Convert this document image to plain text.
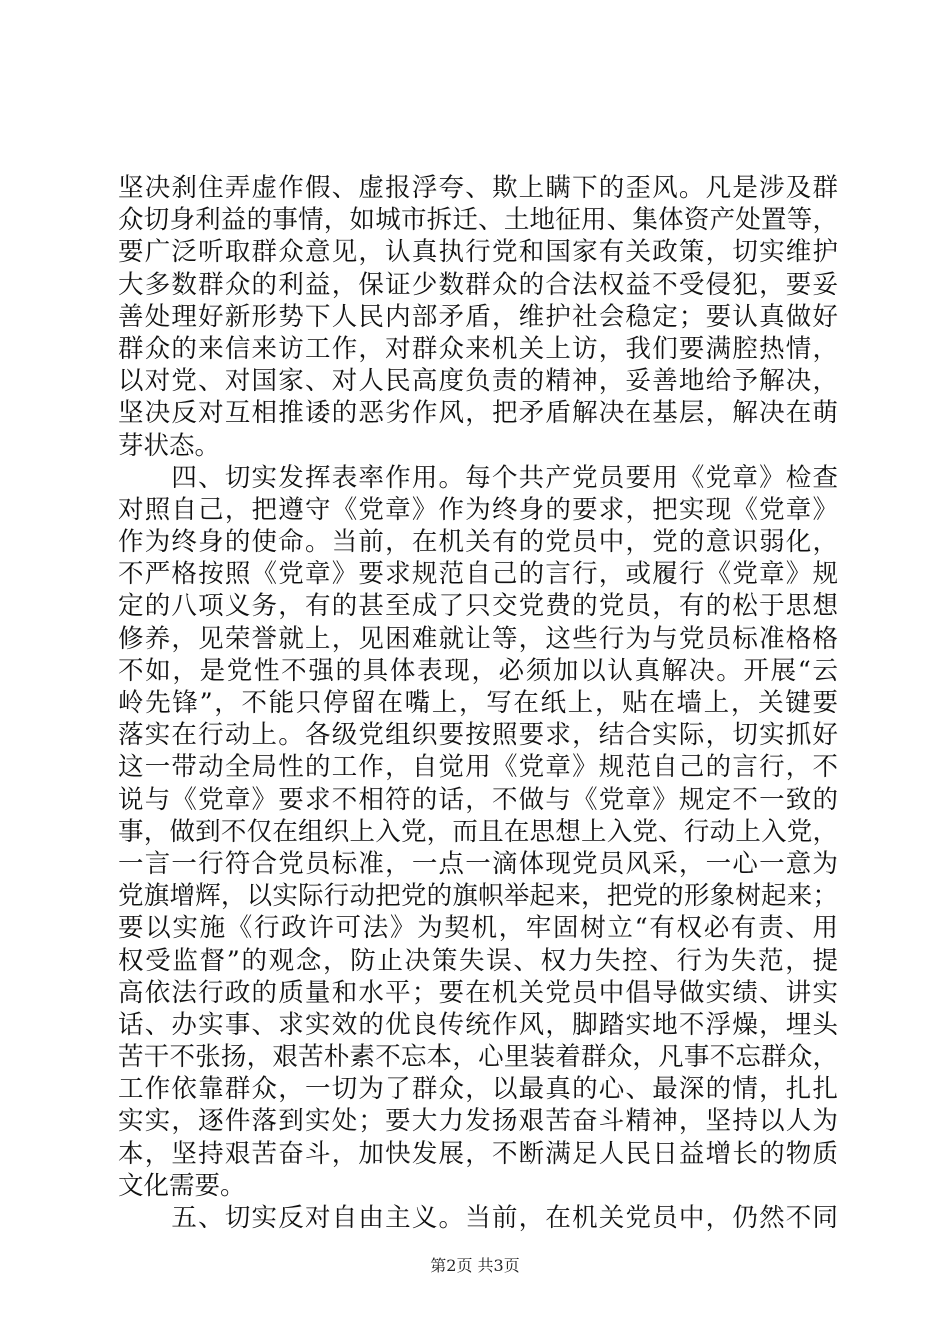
坚决刹住弄虚作假、虚报浮夸、欺上瞒下的歪风。凡是涉及群
众切身利益的事情，如城市拆迁、土地征用、集体资产处置等，
要广泛听取群众意见，认真执行党和国家有关政策，切实维护
大多数群众的利益，保证少数群众的合法权益不受侵犯，要妥
善处理好新形势下人民内部矛盾，维护社会稳定；要认真做好
群众的来信来访工作，对群众来机关上访，我们要满腔热情，
以对党、对国家、对人民高度负责的精神，妥善地给予解决，
坚决反对互相推诿的恶劣作风，把矛盾解决在基层，解决在萌
芽状态。
　　四、切实发挥表率作用。每个共产党员要用《党章》检查
对照自己，把遵守《党章》作为终身的要求，把实现《党章》
作为终身的使命。当前，在机关有的党员中，党的意识弱化，
不严格按照《党章》要求规范自己的言行，或履行《党章》规
定的八项义务，有的甚至成了只交党费的党员，有的松于思想
修养，见荣誉就上，见困难就让等，这些行为与党员标准格格
不如，是党性不强的具体表现，必须加以认真解决。开展“云
岭先锋”，不能只停留在嘴上，写在纸上，贴在墙上，关键要
落实在行动上。各级党组织要按照要求，结合实际，切实抓好
这一带动全局性的工作，自觉用《党章》规范自己的言行，不
说与《党章》要求不相符的话，不做与《党章》规定不一致的
事，做到不仅在组织上入党，而且在思想上入党、行动上入党，
一言一行符合党员标准，一点一滴体现党员风采，一心一意为
党旗增辉，以实际行动把党的旗帜举起来，把党的形象树起来；
要以实施《行政许可法》为契机，牢固树立“有权必有责、用
权受监督”的观念，防止决策失误、权力失控、行为失范，提
高依法行政的质量和水平；要在机关党员中倡导做实绩、讲实
话、办实事、求实效的优良传统作风，脚踏实地不浮燥，埋头
苦干不张扬，艰苦朴素不忘本，心里装着群众，凡事不忘群众，
工作依靠群众，一切为了群众，以最真的心、最深的情，扎扎
实实，逐件落到实处；要大力发扬艰苦奋斗精神，坚持以人为
本，坚持艰苦奋斗，加快发展，不断满足人民日益增长的物质
文化需要。
　　五、切实反对自由主义。当前，在机关党员中，仍然不同
第2页 共3页
